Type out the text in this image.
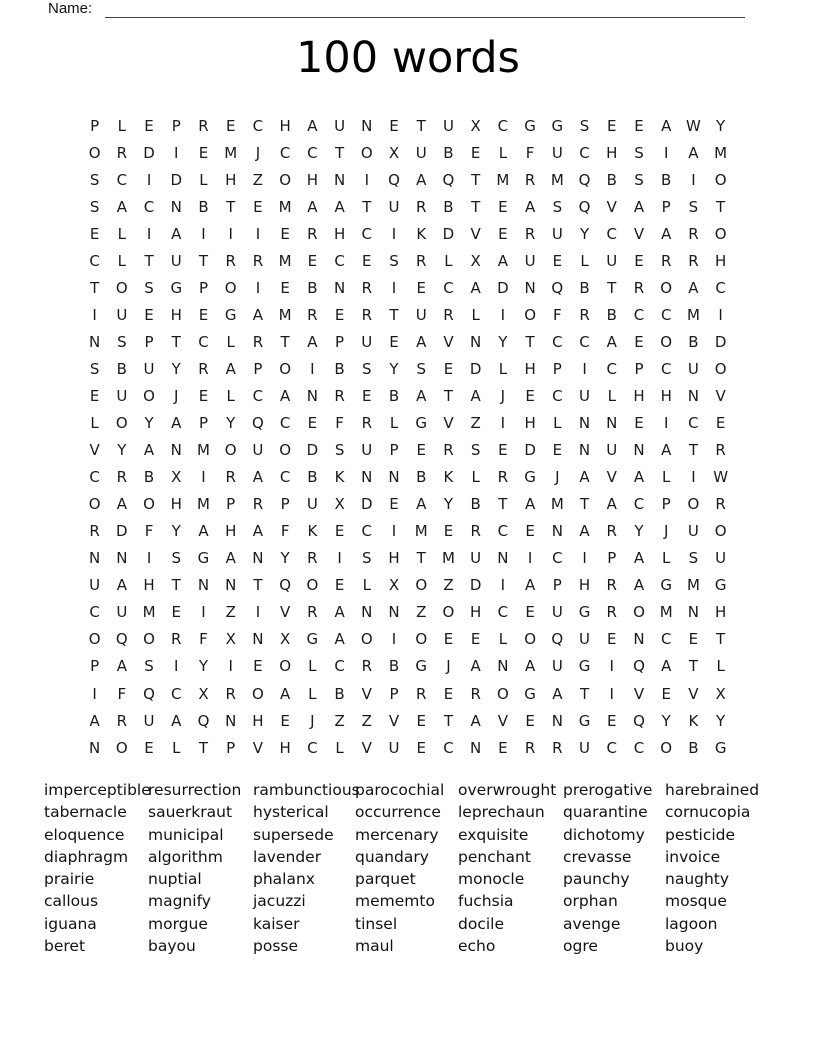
Name:
100 words
P	L	E	P	R	E	C	H	A	U	N	E	T	U	X	C	G	G	S	E	E	A W	Y
O	R	D	I	E	M	J	C	C	T	O	X	U	B	E	L	F	U	C	H	S	I	A	M
S	C	I	D	L	H	Z	O	H	N	I	Q	A	Q	T	M	R	M Q	B	S	B	I	O
S	A	C	N	B	T	E	M	A	A	T	U	R	B	T	E	A	S	Q	V	A	P	S	T
E	L	I	A	I	I	I	E	R	H	C	I	K	D	V	E	R	U	Y	C	V	A	R	O
C	L	T	U	T	R	R	M	E	C	E	S	R	L	X	A	U	E	L	U	E	R	R	H
T	O	S	G	P	O	I	E	B	N	R	I	E	C	A	D	N	Q	B	T	R	O	A	C
I	U	E	H	E	G	A	M	R	E	R	T	U	R	L	I	O	F	R	B	C	C	M	I
N	S	P	T	C	L	R	T	A	P	U	E	A	V	N	Y	T	C	C	A	E	O	B	D
S	B	U	Y	R	A	P	O	I	B	S	Y	S	E	D	L	H	P	I	C	P	C	U	O
E	U	O	J	E	L	C	A	N	R	E	B	A	T	A	J	E	C	U	L	H	H	N	V
L	O	Y	A	P	Y	Q	C	E	F	R	L	G	V	Z	I	H	L	N	N	E	I	C	E
V	Y	A	N	M O	U	O	D	S	U	P	E	R	S	E	D	E	N	U	N	A	T	R
C	R	B	X	I	R	A	C	B	K	N	N	B	K	L	R	G	J	A	V	A	L	I	W
O	A	O	H	M	P	R	P	U	X	D	E	A	Y	B	T	A	M	T	A	C	P	O	R
R	D	F	Y	A	H	A	F	K	E	C	I	M	E	R	C	E	N	A	R	Y	J	U	O
N	N	I	S	G	A	N	Y	R	I	S	H	T	M	U	N	I	C	I	P	A	L	S	U
U	A	H	T	N	N	T	Q	O	E	L	X	O	Z	D	I	A	P	H	R	A	G M G
C	U	M	E	I	Z	I	V	R	A	N	N	Z	O	H	C	E	U	G	R	O M	N	H
O	Q	O	R	F	X	N	X	G	A	O	I	O	E	E	L	O	Q	U	E	N	C	E	T
P	A	S	I	Y	I	E	O	L	C	R	B	G	J	A	N	A	U	G	I	Q	A	T	L
I	F	Q	C	X	R	O	A	L	B	V	P	R	E	R	O	G	A	T	I	V	E	V	X
A	R	U	A	Q	N	H	E	J	Z	Z	V	E	T	A	V	E	N	G	E	Q	Y	K	Y
N	O	E	L	T	P	V	H	C	L	V	U	E	C	N	E	R	R	U	C	C	O	B	G
imperceptible
tabernacle
eloquence
diaphragm
prairie
callous
iguana
beret
resurrection
sauerkraut
municipal
algorithm
nuptial
magnify
morgue
bayou
rambunctious
hysterical
supersede
lavender
phalanx
jacuzzi
kaiser
posse
parocochial
occurrence
mercenary
quandary
parquet
mememto
tinsel
maul
overwrought
leprechaun
exquisite
penchant
monocle
fuchsia
docile
echo
prerogative
quarantine
dichotomy
crevasse
paunchy
orphan
avenge
ogre
harebrained
cornucopia
pesticide
invoice
naughty
mosque
lagoon
buoy
